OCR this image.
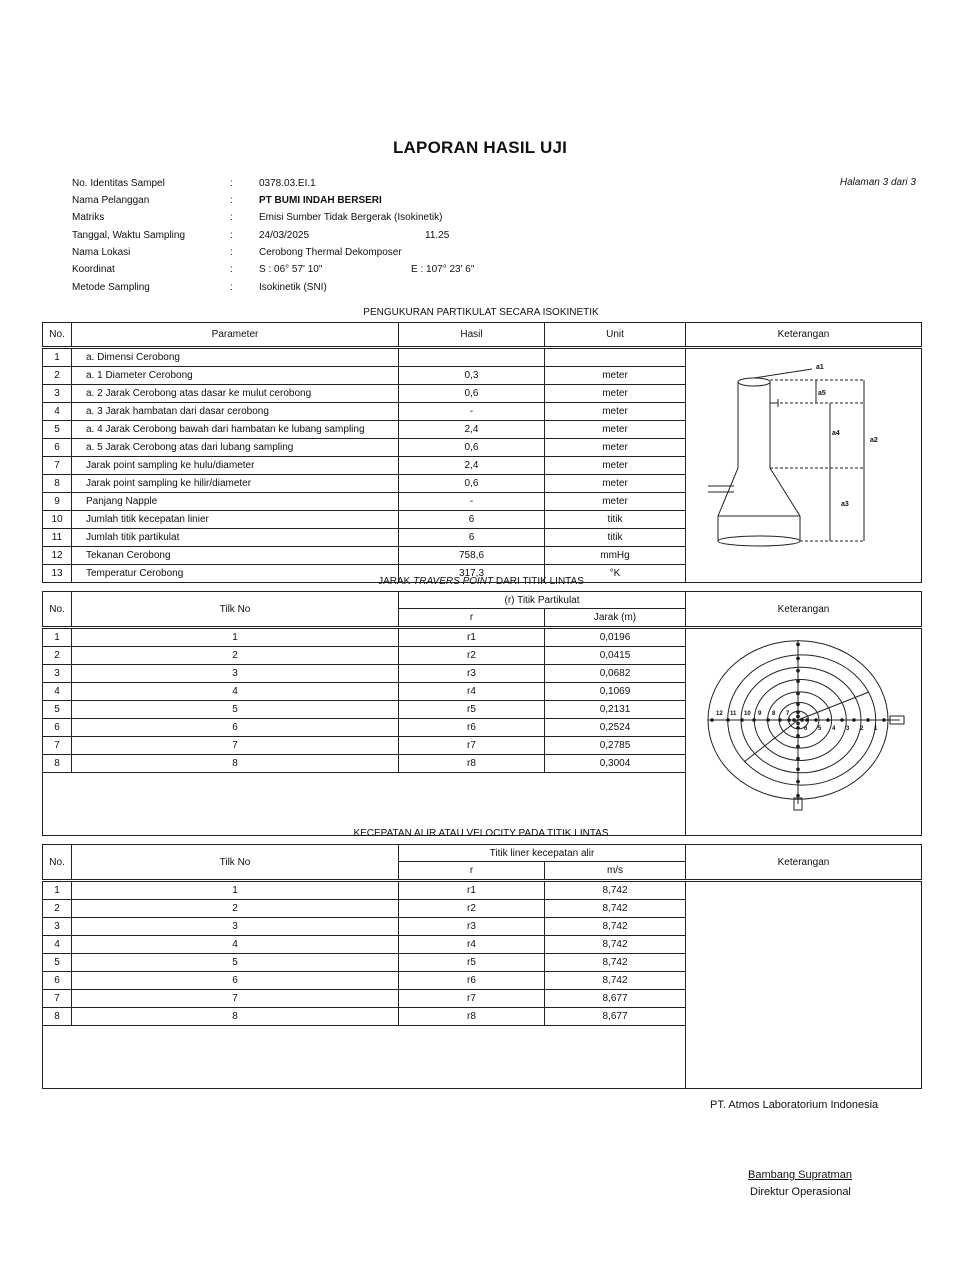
LAPORAN HASIL UJI
Halaman 3 dari 3
No. Identitas Sampel	:	0378.03.EI.1
Nama Pelanggan	:	PT BUMI INDAH BERSERI
Matriks	:	Emisi Sumber Tidak Bergerak (Isokinetik)
Tanggal, Waktu Sampling	:	24/03/2025	11.25
Nama Lokasi	:	Cerobong Thermal Dekomposer
Koordinat	:	S : 06° 57' 10"	E : 107° 23' 6"
Metode Sampling	:	Isokinetik (SNI)
PENGUKURAN PARTIKULAT SECARA ISOKINETIK
No.	Parameter	Hasil	Unit	Keterangan
1	a. Dimensi Cerobong			
2	a. 1 Diameter Cerobong	0,3	meter	
3	a. 2 Jarak Cerobong atas dasar ke mulut cerobong	0,6	meter	
4	a. 3 Jarak hambatan dari dasar cerobong	-	meter	
5	a. 4 Jarak Cerobong bawah dari hambatan ke lubang sampling	2,4	meter	
6	a. 5 Jarak Cerobong atas dari lubang sampling	0,6	meter	
7	Jarak point sampling ke hulu/diameter	2,4	meter	
8	Jarak point sampling ke hilir/diameter	0,6	meter	
9	Panjang Napple	-	meter	
10	Jumlah titik kecepatan linier	6	titik	
11	Jumlah titik partikulat	6	titik	
12	Tekanan Cerobong	758,6	mmHg	
13	Temperatur Cerobong	317,3	°K	
JARAK TRAVERS POINT DARI TITIK LINTAS
No.	Tilk No	(r) Titik Partikulat		Keterangan
		r	Jarak (m)	
1	1	r1	0,0196	
2	2	r2	0,0415	
3	3	r3	0,0682	
4	4	r4	0,1069	
5	5	r5	0,2131	
6	6	r6	0,2524	
7	7	r7	0,2785	
8	8	r8	0,3004	

KECEPATAN ALIR ATAU VELOCITY PADA TITIK LINTAS
No.	Tilk No	Titik liner kecepatan alir		Keterangan
		r	m/s	
1	1	r1	8,742	
2	2	r2	8,742	
3	3	r3	8,742	
4	4	r4	8,742	
5	5	r5	8,742	
6	6	r6	8,742	
7	7	r7	8,677	
8	8	r8	8,677	

a1
a5
a4
a2
a3
12 11 10 9 8 7
6 5 4 3 2 1
PT. Atmos Laboratorium Indonesia
Bambang Supratman
Direktur Operasional
